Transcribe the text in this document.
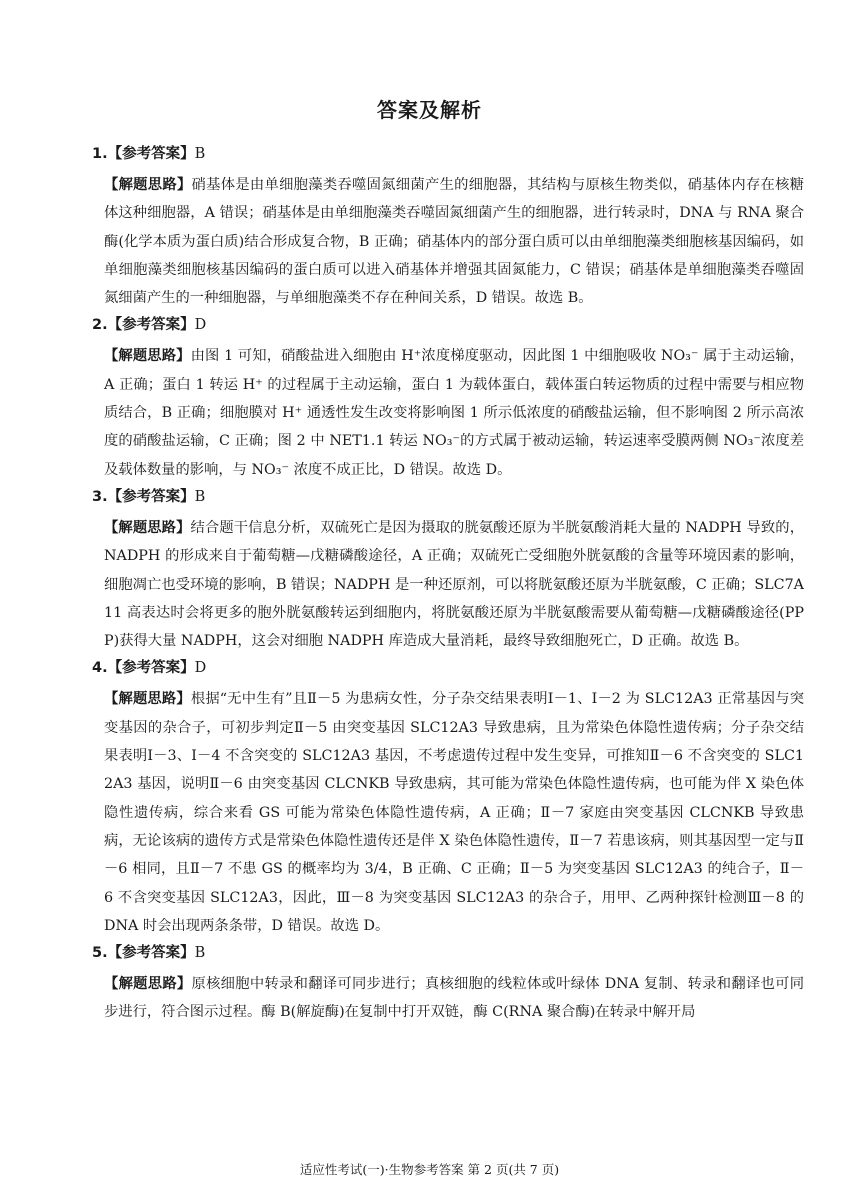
答案及解析
1.【参考答案】B
【解题思路】硝基体是由单细胞藻类吞噬固氮细菌产生的细胞器，其结构与原核生物类似，硝基体内存在核糖体这种细胞器，A 错误；硝基体是由单细胞藻类吞噬固氮细菌产生的细胞器，进行转录时，DNA 与 RNA 聚合酶(化学本质为蛋白质)结合形成复合物，B 正确；硝基体内的部分蛋白质可以由单细胞藻类细胞核基因编码，如单细胞藻类细胞核基因编码的蛋白质可以进入硝基体并增强其固氮能力，C 错误；硝基体是单细胞藻类吞噬固氮细菌产生的一种细胞器，与单细胞藻类不存在种间关系，D 错误。故选 B。
2.【参考答案】D
【解题思路】由图 1 可知，硝酸盐进入细胞由 H⁺浓度梯度驱动，因此图 1 中细胞吸收 NO₃⁻ 属于主动运输，A 正确；蛋白 1 转运 H⁺ 的过程属于主动运输，蛋白 1 为载体蛋白，载体蛋白转运物质的过程中需要与相应物质结合，B 正确；细胞膜对 H⁺ 通透性发生改变将影响图 1 所示低浓度的硝酸盐运输，但不影响图 2 所示高浓度的硝酸盐运输，C 正确；图 2 中 NET1.1 转运 NO₃⁻的方式属于被动运输，转运速率受膜两侧 NO₃⁻浓度差及载体数量的影响，与 NO₃⁻ 浓度不成正比，D 错误。故选 D。
3.【参考答案】B
【解题思路】结合题干信息分析，双硫死亡是因为摄取的胱氨酸还原为半胱氨酸消耗大量的 NADPH 导致的，NADPH 的形成来自于葡萄糖—戊糖磷酸途径，A 正确；双硫死亡受细胞外胱氨酸的含量等环境因素的影响，细胞凋亡也受环境的影响，B 错误；NADPH 是一种还原剂，可以将胱氨酸还原为半胱氨酸，C 正确；SLC7A11 高表达时会将更多的胞外胱氨酸转运到细胞内，将胱氨酸还原为半胱氨酸需要从葡萄糖—戊糖磷酸途径(PPP)获得大量 NADPH，这会对细胞 NADPH 库造成大量消耗，最终导致细胞死亡，D 正确。故选 B。
4.【参考答案】D
【解题思路】根据“无中生有”且Ⅱ－5 为患病女性，分子杂交结果表明Ⅰ－1、Ⅰ－2 为 SLC12A3 正常基因与突变基因的杂合子，可初步判定Ⅱ－5 由突变基因 SLC12A3 导致患病，且为常染色体隐性遗传病；分子杂交结果表明Ⅰ－3、Ⅰ－4 不含突变的 SLC12A3 基因，不考虑遗传过程中发生变异，可推知Ⅱ－6 不含突变的 SLC12A3 基因，说明Ⅱ－6 由突变基因 CLCNKB 导致患病，其可能为常染色体隐性遗传病，也可能为伴 X 染色体隐性遗传病，综合来看 GS 可能为常染色体隐性遗传病，A 正确；Ⅱ－7 家庭由突变基因 CLCNKB 导致患病，无论该病的遗传方式是常染色体隐性遗传还是伴 X 染色体隐性遗传，Ⅱ－7 若患该病，则其基因型一定与Ⅱ－6 相同，且Ⅱ－7 不患 GS 的概率均为 3/4，B 正确、C 正确；Ⅱ－5 为突变基因 SLC12A3 的纯合子，Ⅱ－6 不含突变基因 SLC12A3，因此，Ⅲ－8 为突变基因 SLC12A3 的杂合子，用甲、乙两种探针检测Ⅲ－8 的 DNA 时会出现两条条带，D 错误。故选 D。
5.【参考答案】B
【解题思路】原核细胞中转录和翻译可同步进行；真核细胞的线粒体或叶绿体 DNA 复制、转录和翻译也可同步进行，符合图示过程。酶 B(解旋酶)在复制中打开双链，酶 C(RNA 聚合酶)在转录中解开局
适应性考试(一)·生物参考答案 第 2 页(共 7 页)
